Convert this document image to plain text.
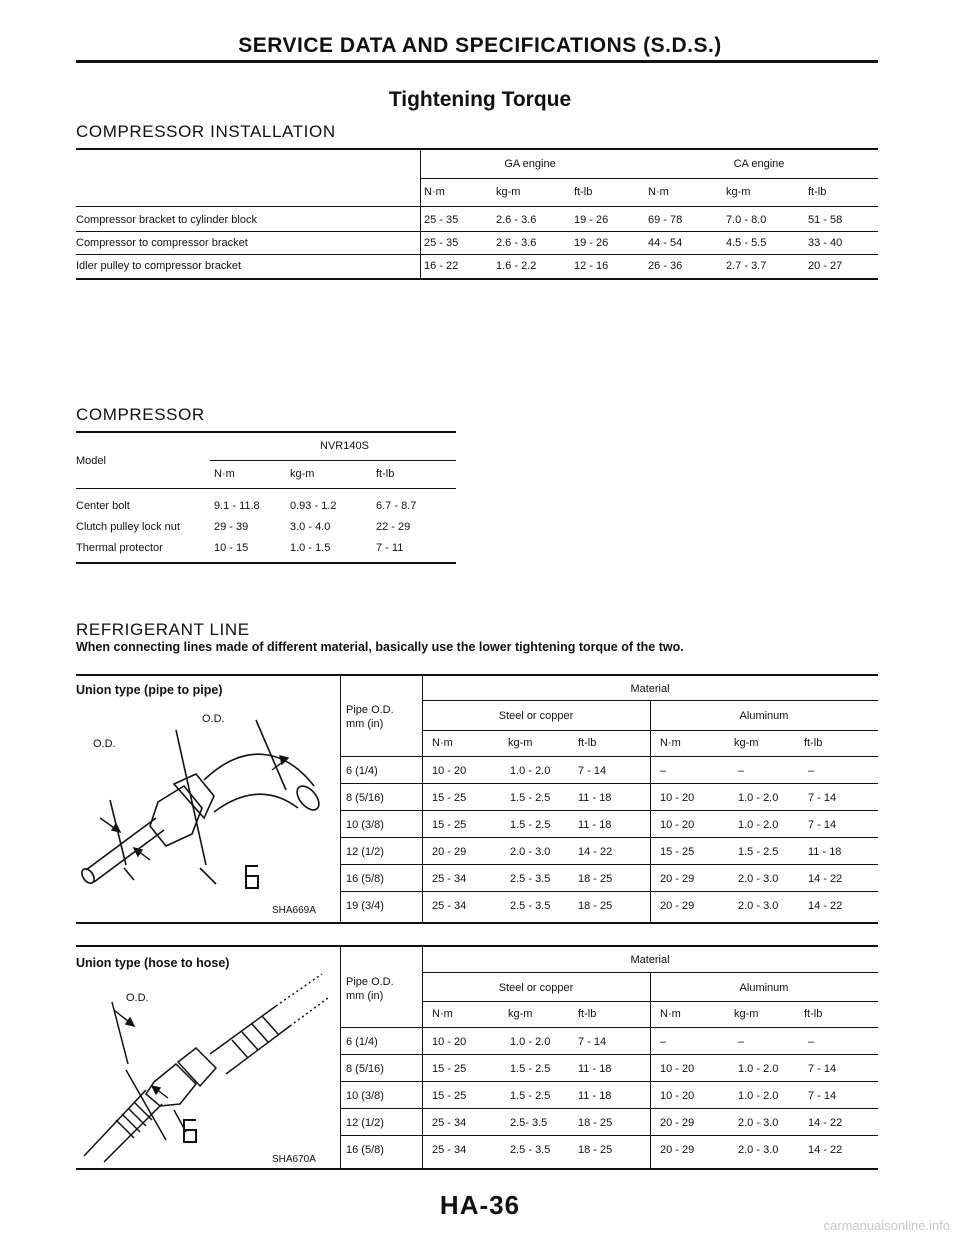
SERVICE DATA AND SPECIFICATIONS (S.D.S.)
Tightening Torque
COMPRESSOR INSTALLATION
GA engine	CA engine
N·m	kg-m	ft-lb	N·m	kg-m	ft-lb
Compressor bracket to cylinder block	25 - 35	2.6 - 3.6	19 - 26	69 - 78	7.0 - 8.0	51 - 58
Compressor to compressor bracket	25 - 35	2.6 - 3.6	19 - 26	44 - 54	4.5 - 5.5	33 - 40
Idler pulley to compressor bracket	16 - 22	1.6 - 2.2	12 - 16	26 - 36	2.7 - 3.7	20 - 27
COMPRESSOR
NVR140S
Model
N·m	kg-m	ft-lb
Center bolt	9.1 - 11.8	0.93 - 1.2	6.7 - 8.7
Clutch pulley lock nut	29 - 39	3.0 - 4.0	22 - 29
Thermal protector	10 - 15	1.0 - 1.5	7 - 11
REFRIGERANT LINE
When connecting lines made of different material, basically use the lower tightening torque of the two.
Union type (pipe to pipe)	Material
Pipe O.D.
mm (in)
Steel or copper	Aluminum
N·m	kg-m	ft-lb	N·m	kg-m	ft-lb
6 (1/4)	10 - 20	1.0 - 2.0	7 - 14	–	–	–
8 (5/16)	15 - 25	1.5 - 2.5	11 - 18	10 - 20	1.0 - 2.0	7 - 14
10 (3/8)	15 - 25	1.5 - 2.5	11 - 18	10 - 20	1.0 - 2.0	7 - 14
12 (1/2)	20 - 29	2.0 - 3.0	14 - 22	15 - 25	1.5 - 2.5	11 - 18
16 (5/8)	25 - 34	2.5 - 3.5	18 - 25	20 - 29	2.0 - 3.0	14 - 22
19 (3/4)	25 - 34	2.5 - 3.5	18 - 25	20 - 29	2.0 - 3.0	14 - 22
O.D.
O.D.
SHA669A
Union type (hose to hose)	Material
Pipe O.D.
mm (in)
Steel or copper	Aluminum
N·m	kg-m	ft-lb	N·m	kg-m	ft-lb
6 (1/4)	10 - 20	1.0 - 2.0	7 - 14	–	–	–
8 (5/16)	15 - 25	1.5 - 2.5	11 - 18	10 - 20	1.0 - 2.0	7 - 14
10 (3/8)	15 - 25	1.5 - 2.5	11 - 18	10 - 20	1.0 - 2.0	7 - 14
12 (1/2)	25 - 34	2.5- 3.5	18 - 25	20 - 29	2.0 - 3.0	14 - 22
16 (5/8)	25 - 34	2.5 - 3.5	18 - 25	20 - 29	2.0 - 3.0	14 - 22
O.D.
SHA670A
HA-36
carmanualsonline.info
